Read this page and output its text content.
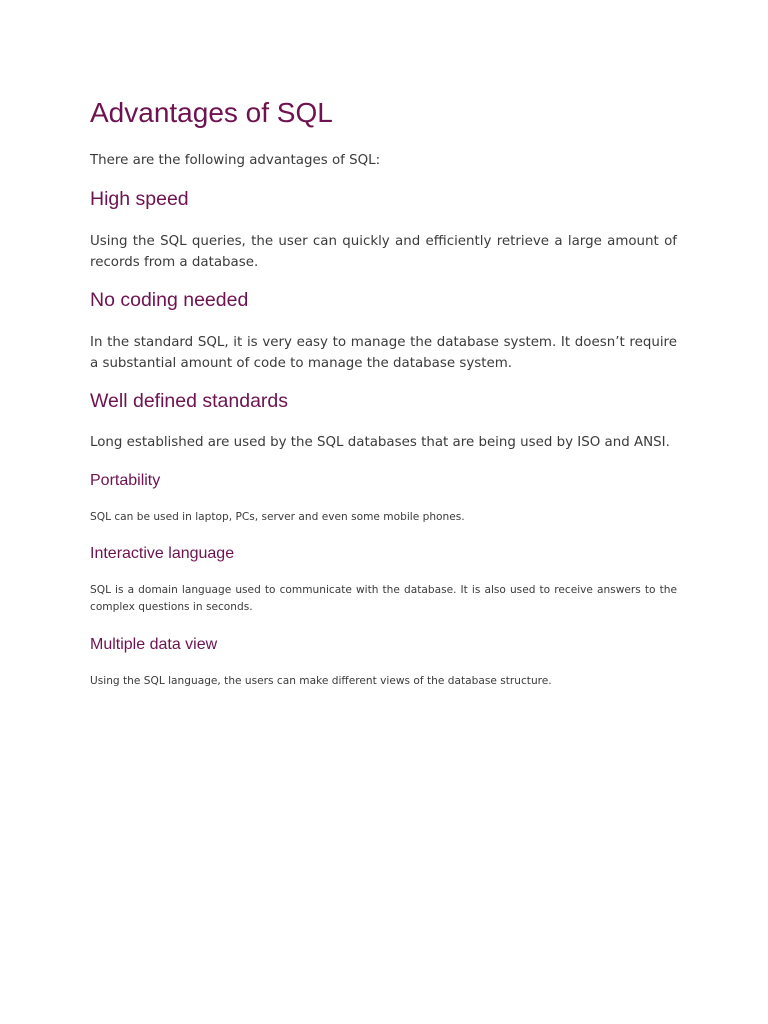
Advantages of SQL

There are the following advantages of SQL:

High speed

Using the SQL queries, the user can quickly and efficiently retrieve a large amount of records from a database.

No coding needed

In the standard SQL, it is very easy to manage the database system. It doesn’t require a substantial amount of code to manage the database system.

Well defined standards

Long established are used by the SQL databases that are being used by ISO and ANSI.

Portability

SQL can be used in laptop, PCs, server and even some mobile phones.

Interactive language

SQL is a domain language used to communicate with the database. It is also used to receive answers to the complex questions in seconds.

Multiple data view

Using the SQL language, the users can make different views of the database structure.
